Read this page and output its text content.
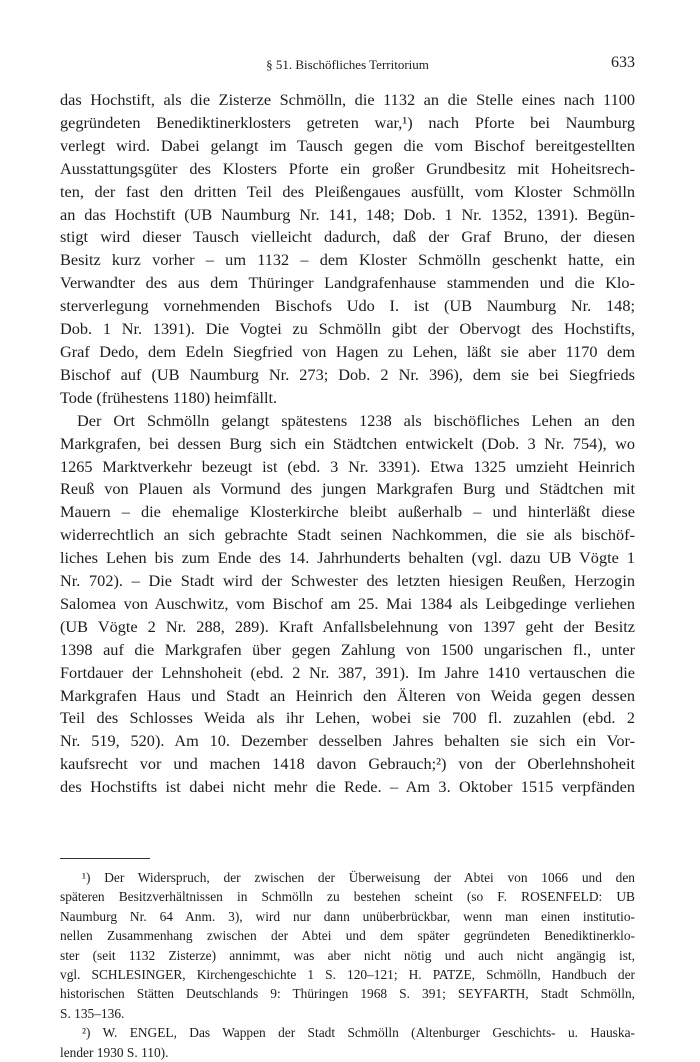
§ 51. Bischöfliches Territorium	633
das Hochstift, als die Zisterze Schmölln, die 1132 an die Stelle eines nach 1100
gegründeten Benediktinerklosters getreten war,¹) nach Pforte bei Naumburg
verlegt wird. Dabei gelangt im Tausch gegen die vom Bischof bereitgestellten
Ausstattungsgüter des Klosters Pforte ein großer Grundbesitz mit Hoheitsrech-
ten, der fast den dritten Teil des Pleißengaues ausfüllt, vom Kloster Schmölln
an das Hochstift (UB Naumburg Nr. 141, 148; Dob. 1 Nr. 1352, 1391). Begün-
stigt wird dieser Tausch vielleicht dadurch, daß der Graf Bruno, der diesen
Besitz kurz vorher – um 1132 – dem Kloster Schmölln geschenkt hatte, ein
Verwandter des aus dem Thüringer Landgrafenhause stammenden und die Klo-
sterverlegung vornehmenden Bischofs Udo I. ist (UB Naumburg Nr. 148;
Dob. 1 Nr. 1391). Die Vogtei zu Schmölln gibt der Obervogt des Hochstifts,
Graf Dedo, dem Edeln Siegfried von Hagen zu Lehen, läßt sie aber 1170 dem
Bischof auf (UB Naumburg Nr. 273; Dob. 2 Nr. 396), dem sie bei Siegfrieds
Tode (frühestens 1180) heimfällt.
Der Ort Schmölln gelangt spätestens 1238 als bischöfliches Lehen an den
Markgrafen, bei dessen Burg sich ein Städtchen entwickelt (Dob. 3 Nr. 754), wo
1265 Marktverkehr bezeugt ist (ebd. 3 Nr. 3391). Etwa 1325 umzieht Heinrich
Reuß von Plauen als Vormund des jungen Markgrafen Burg und Städtchen mit
Mauern – die ehemalige Klosterkirche bleibt außerhalb – und hinterläßt diese
widerrechtlich an sich gebrachte Stadt seinen Nachkommen, die sie als bischöf-
liches Lehen bis zum Ende des 14. Jahrhunderts behalten (vgl. dazu UB Vögte 1
Nr. 702). – Die Stadt wird der Schwester des letzten hiesigen Reußen, Herzogin
Salomea von Auschwitz, vom Bischof am 25. Mai 1384 als Leibgedinge verliehen
(UB Vögte 2 Nr. 288, 289). Kraft Anfallsbelehnung von 1397 geht der Besitz
1398 auf die Markgrafen über gegen Zahlung von 1500 ungarischen fl., unter
Fortdauer der Lehnshoheit (ebd. 2 Nr. 387, 391). Im Jahre 1410 vertauschen die
Markgrafen Haus und Stadt an Heinrich den Älteren von Weida gegen dessen
Teil des Schlosses Weida als ihr Lehen, wobei sie 700 fl. zuzahlen (ebd. 2
Nr. 519, 520). Am 10. Dezember desselben Jahres behalten sie sich ein Vor-
kaufsrecht vor und machen 1418 davon Gebrauch;²) von der Oberlehnshoheit
des Hochstifts ist dabei nicht mehr die Rede. – Am 3. Oktober 1515 verpfänden
¹) Der Widerspruch, der zwischen der Überweisung der Abtei von 1066 und den
späteren Besitzverhältnissen in Schmölln zu bestehen scheint (so F. ROSENFELD: UB
Naumburg Nr. 64 Anm. 3), wird nur dann unüberbrückbar, wenn man einen institutio-
nellen Zusammenhang zwischen der Abtei und dem später gegründeten Benediktinerklo-
ster (seit 1132 Zisterze) annimmt, was aber nicht nötig und auch nicht angängig ist,
vgl. SCHLESINGER, Kirchengeschichte 1 S. 120–121; H. PATZE, Schmölln, Handbuch der
historischen Stätten Deutschlands 9: Thüringen 1968 S. 391; SEYFARTH, Stadt Schmölln,
S. 135–136.
²) W. ENGEL, Das Wappen der Stadt Schmölln (Altenburger Geschichts- u. Hauska-
lender 1930 S. 110).
